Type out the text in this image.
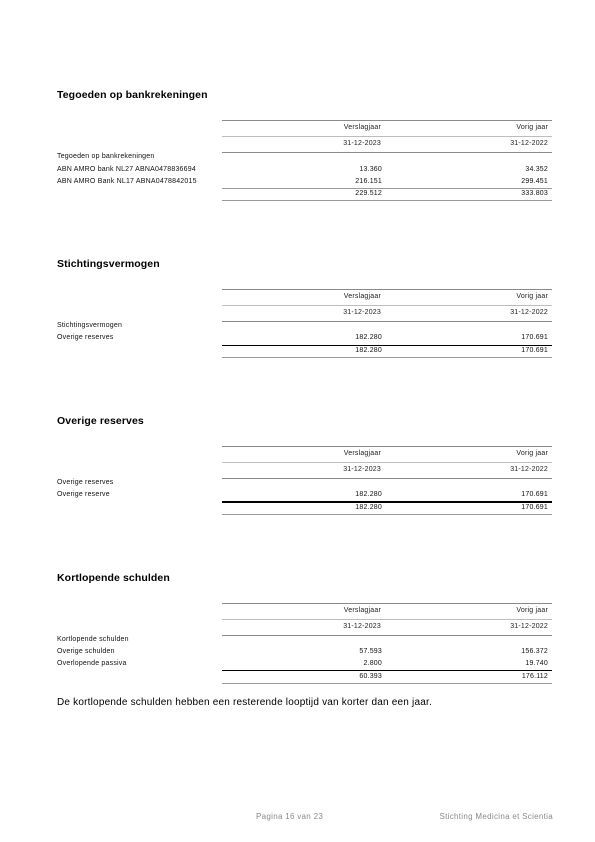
Tegoeden op bankrekeningen
Verslagjaar	Vorig jaar
31-12-2023	31-12-2022
Tegoeden op bankrekeningen
ABN AMRO bank NL27 ABNA0478836694	13.360	34.352
ABN AMRO Bank NL17 ABNA0478842015	216.151	299.451
229.512	333.803
Stichtingsvermogen
Verslagjaar	Vorig jaar
31-12-2023	31-12-2022
Stichtingsvermogen
Overige reserves	182.280	170.691
182.280	170.691
Overige reserves
Verslagjaar	Vorig jaar
31-12-2023	31-12-2022
Overige reserves
Overige reserve	182.280	170.691
182.280	170.691
Kortlopende schulden
Verslagjaar	Vorig jaar
31-12-2023	31-12-2022
Kortlopende schulden
Overige schulden	57.593	156.372
Overlopende passiva	2.800	19.740
60.393	176.112
De kortlopende schulden hebben een resterende looptijd van korter dan een jaar.
Pagina 16 van 23	Stichting Medicina et Scientia
